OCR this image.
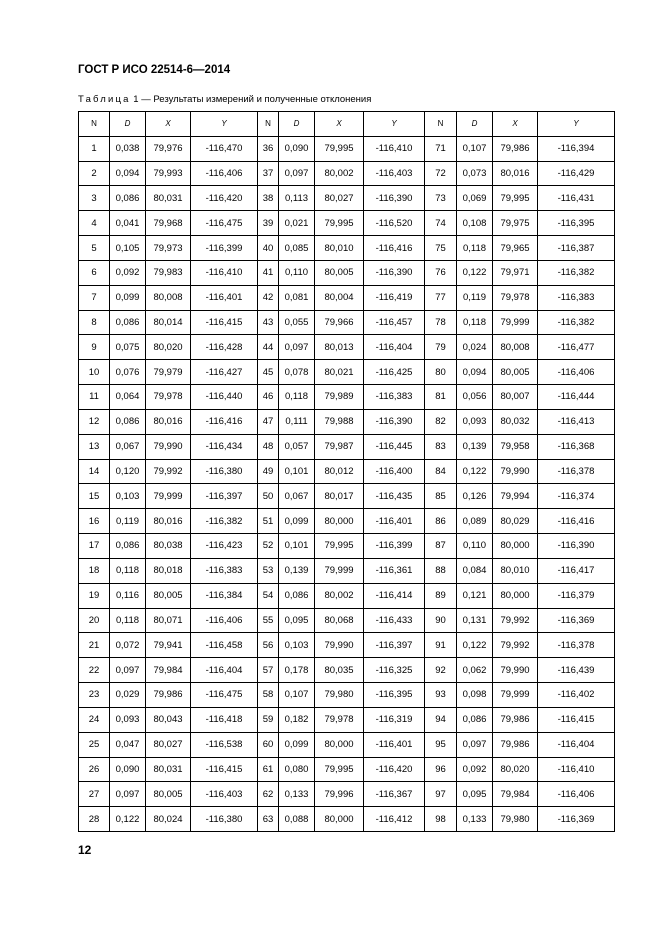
ГОСТ Р ИСО 22514-6—2014
Таблица 1 — Результаты измерений и полученные отклонения
N	D	X	Y	N	D	X	Y	N	D	X	Y
1	0,038	79,976	-116,470	36	0,090	79,995	-116,410	71	0,107	79,986	-116,394
2	0,094	79,993	-116,406	37	0,097	80,002	-116,403	72	0,073	80,016	-116,429
3	0,086	80,031	-116,420	38	0,113	80,027	-116,390	73	0,069	79,995	-116,431
4	0,041	79,968	-116,475	39	0,021	79,995	-116,520	74	0,108	79,975	-116,395
5	0,105	79,973	-116,399	40	0,085	80,010	-116,416	75	0,118	79,965	-116,387
6	0,092	79,983	-116,410	41	0,110	80,005	-116,390	76	0,122	79,971	-116,382
7	0,099	80,008	-116,401	42	0,081	80,004	-116,419	77	0,119	79,978	-116,383
8	0,086	80,014	-116,415	43	0,055	79,966	-116,457	78	0,118	79,999	-116,382
9	0,075	80,020	-116,428	44	0,097	80,013	-116,404	79	0,024	80,008	-116,477
10	0,076	79,979	-116,427	45	0,078	80,021	-116,425	80	0,094	80,005	-116,406
11	0,064	79,978	-116,440	46	0,118	79,989	-116,383	81	0,056	80,007	-116,444
12	0,086	80,016	-116,416	47	0,111	79,988	-116,390	82	0,093	80,032	-116,413
13	0,067	79,990	-116,434	48	0,057	79,987	-116,445	83	0,139	79,958	-116,368
14	0,120	79,992	-116,380	49	0,101	80,012	-116,400	84	0,122	79,990	-116,378
15	0,103	79,999	-116,397	50	0,067	80,017	-116,435	85	0,126	79,994	-116,374
16	0,119	80,016	-116,382	51	0,099	80,000	-116,401	86	0,089	80,029	-116,416
17	0,086	80,038	-116,423	52	0,101	79,995	-116,399	87	0,110	80,000	-116,390
18	0,118	80,018	-116,383	53	0,139	79,999	-116,361	88	0,084	80,010	-116,417
19	0,116	80,005	-116,384	54	0,086	80,002	-116,414	89	0,121	80,000	-116,379
20	0,118	80,071	-116,406	55	0,095	80,068	-116,433	90	0,131	79,992	-116,369
21	0,072	79,941	-116,458	56	0,103	79,990	-116,397	91	0,122	79,992	-116,378
22	0,097	79,984	-116,404	57	0,178	80,035	-116,325	92	0,062	79,990	-116,439
23	0,029	79,986	-116,475	58	0,107	79,980	-116,395	93	0,098	79,999	-116,402
24	0,093	80,043	-116,418	59	0,182	79,978	-116,319	94	0,086	79,986	-116,415
25	0,047	80,027	-116,538	60	0,099	80,000	-116,401	95	0,097	79,986	-116,404
26	0,090	80,031	-116,415	61	0,080	79,995	-116,420	96	0,092	80,020	-116,410
27	0,097	80,005	-116,403	62	0,133	79,996	-116,367	97	0,095	79,984	-116,406
28	0,122	80,024	-116,380	63	0,088	80,000	-116,412	98	0,133	79,980	-116,369
12
